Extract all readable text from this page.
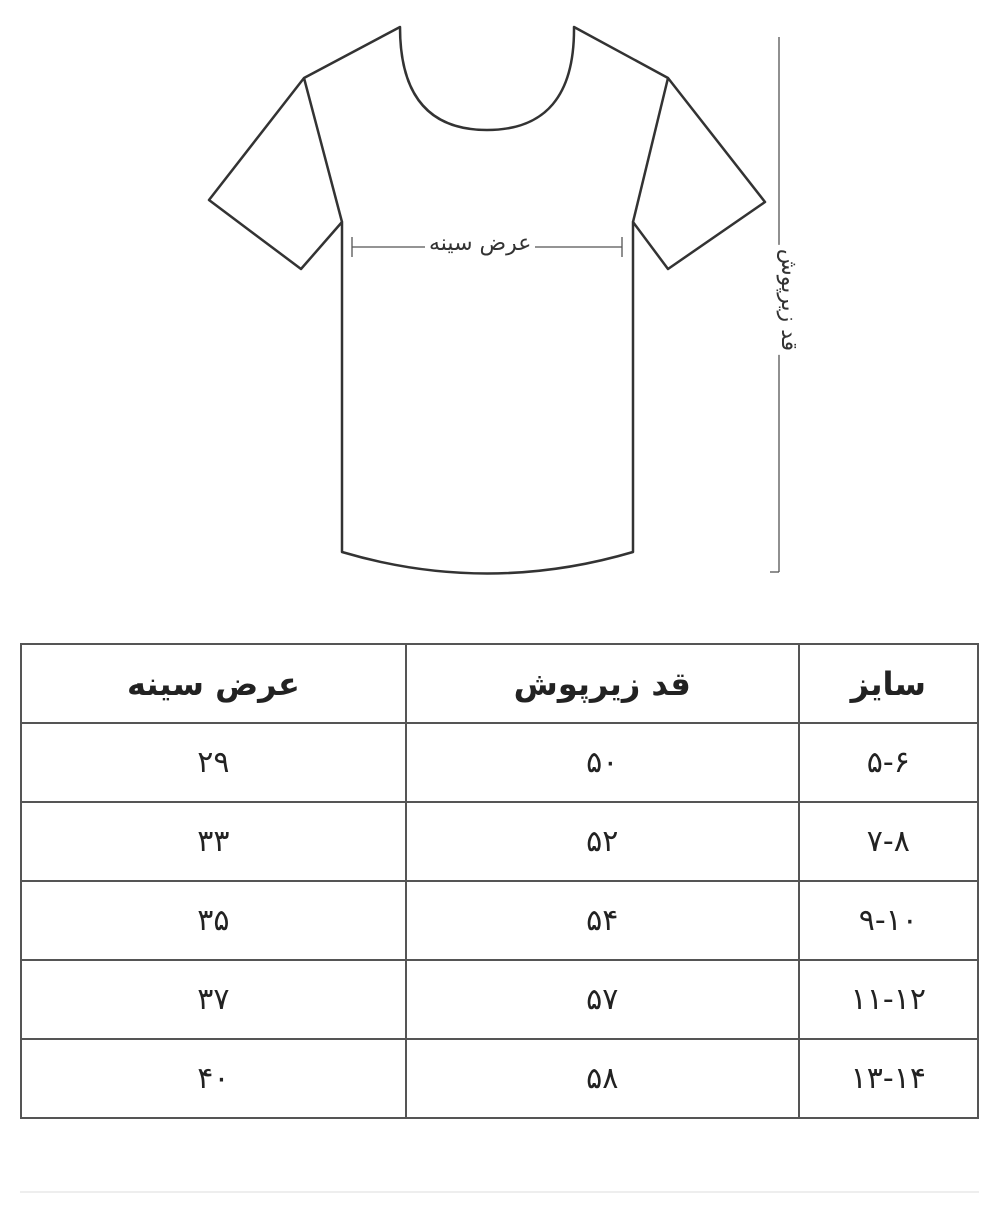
عرض سینه
قد زیرپوش
سایز	قد زیرپوش	عرض سینه
۵-۶	۵۰	۲۹
۷-۸	۵۲	۳۳
۹-۱۰	۵۴	۳۵
۱۱-۱۲	۵۷	۳۷
۱۳-۱۴	۵۸	۴۰
